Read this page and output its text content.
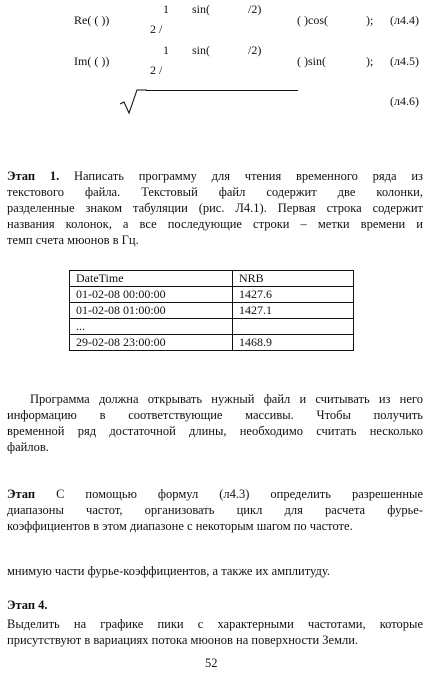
Re( ( ))
1
2 /
sin(	/2)
( )cos(	); (л4.4)
Im( ( ))
1
2 /
sin(	/2)
( )sin(	); (л4.5)
(л4.6)
Этап 1. Написать программу для чтения временного ряда из
текстового файла. Текстовый файл содержит две колонки,
разделенные знаком табуляции (рис. Л4.1). Первая строка содержит
названия колонок, а все последующие строки – метки времени и
темп счета мюонов в Гц.
DateTime	NRB
01-02-08 00:00:00	1427.6
01-02-08 01:00:00	1427.1
...	
29-02-08 23:00:00	1468.9
Программа должна открывать нужный файл и считывать из него
информацию в соответствующие массивы. Чтобы получить
временной ряд достаточной длины, необходимо считать несколько
файлов.
Этап С помощью формул (л4.3) определить разрешенные
диапазоны частот, организовать цикл для расчета фурье-
коэффициентов в этом диапазоне с некоторым шагом по частоте.
мнимую части фурье-коэффициентов, а также их амплитуду.
Этап 4.
Выделить на графике пики с характерными частотами, которые
присутствуют в вариациях потока мюонов на поверхности Земли.
52
